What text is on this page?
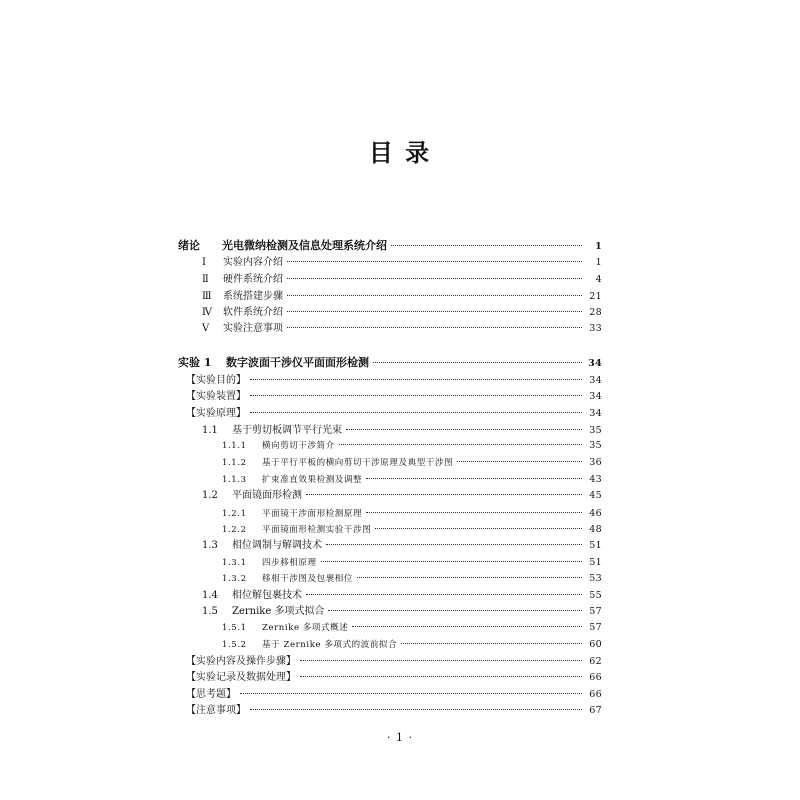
目 录
绪论	光电微纳检测及信息处理系统介绍	1
Ⅰ	实验内容介绍	1
Ⅱ	硬件系统介绍	4
Ⅲ	系统搭建步骤	21
Ⅳ	软件系统介绍	28
Ⅴ	实验注意事项	33
实验 1	数字波面干涉仪平面面形检测	34
【实验目的】	34
【实验装置】	34
【实验原理】	34
1.1	基于剪切板调节平行光束	35
1.1.1	横向剪切干涉简介	35
1.1.2	基于平行平板的横向剪切干涉原理及典型干涉图	36
1.1.3	扩束准直效果检测及调整	43
1.2	平面镜面形检测	45
1.2.1	平面镜干涉面形检测原理	46
1.2.2	平面镜面形检测实验干涉图	48
1.3	相位调制与解调技术	51
1.3.1	四步移相原理	51
1.3.2	移相干涉图及包裹相位	53
1.4	相位解包裹技术	55
1.5	Zernike 多项式拟合	57
1.5.1	Zernike 多项式概述	57
1.5.2	基于 Zernike 多项式的波前拟合	60
【实验内容及操作步骤】	62
【实验记录及数据处理】	66
【思考题】	66
【注意事项】	67
· 1 ·
